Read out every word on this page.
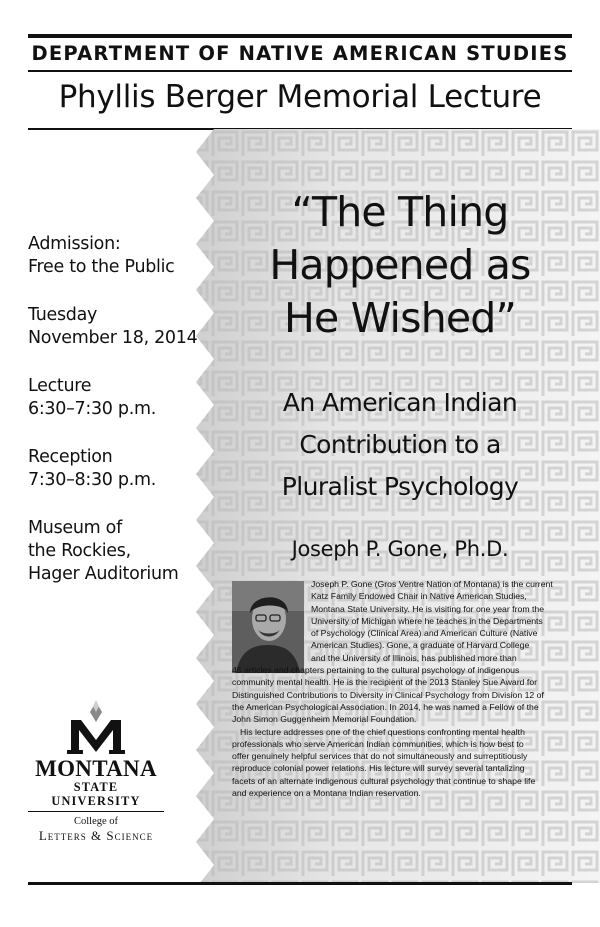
DEPARTMENT OF NATIVE AMERICAN STUDIES
Phyllis Berger Memorial Lecture
Admission:
Free to the Public
Tuesday
November 18, 2014
Lecture
6:30–7:30 p.m.
Reception
7:30–8:30 p.m.
Museum of
the Rockies,
Hager Auditorium
“The Thing
Happened as
He Wished”
An American Indian
Contribution to a
Pluralist Psychology
Joseph P. Gone, Ph.D.
Joseph P. Gone (Gros Ventre Nation of Montana) is the current
Katz Family Endowed Chair in Native American Studies,
Montana State University. He is visiting for one year from the
University of Michigan where he teaches in the Departments
of Psychology (Clinical Area) and American Culture (Native
American Studies). Gone, a graduate of Harvard College
and the University of Illinois, has published more than
45 articles and chapters pertaining to the cultural psychology of indigenous
community mental health. He is the recipient of the 2013 Stanley Sue Award for
Distinguished Contributions to Diversity in Clinical Psychology from Division 12 of
the American Psychological Association. In 2014, he was named a Fellow of the
John Simon Guggenheim Memorial Foundation.
His lecture addresses one of the chief questions confronting mental health
professionals who serve American Indian communities, which is how best to
offer genuinely helpful services that do not simultaneously and surreptitiously
reproduce colonial power relations. His lecture will survey several tantalizing
facets of an alternate indigenous cultural psychology that continue to shape life
and experience on a Montana Indian reservation.
MONTANA
STATE UNIVERSITY
College of
Letters & Science
